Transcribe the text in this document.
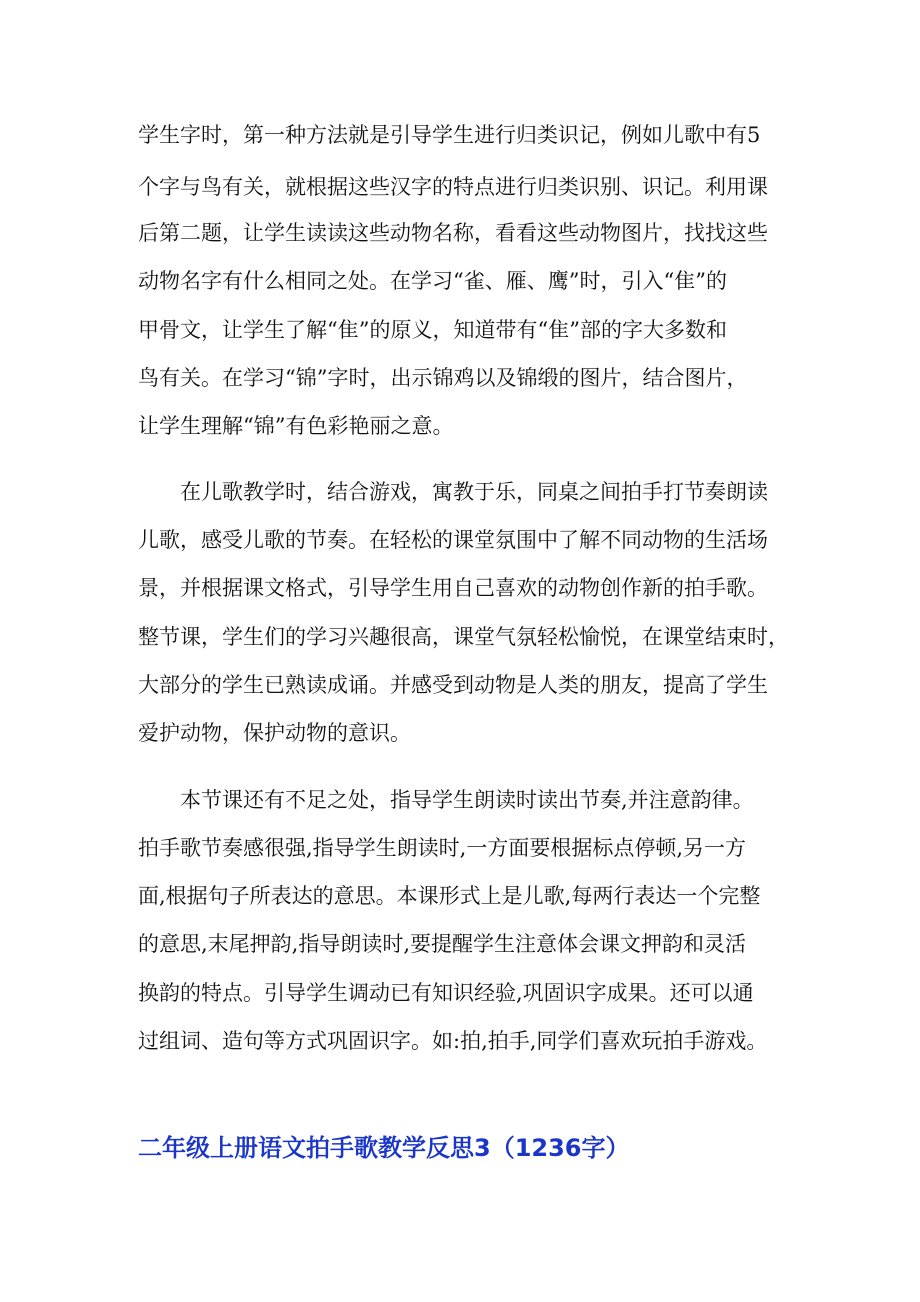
学生字时，第一种方法就是引导学生进行归类识记，例如儿歌中有5
个字与鸟有关，就根据这些汉字的特点进行归类识别、识记。利用课
后第二题，让学生读读这些动物名称，看看这些动物图片，找找这些
动物名字有什么相同之处。在学习“雀、雁、鹰”时，引入“隹”的
甲骨文，让学生了解“隹”的原义，知道带有“隹”部的字大多数和
鸟有关。在学习“锦”字时，出示锦鸡以及锦缎的图片，结合图片，
让学生理解“锦”有色彩艳丽之意。
在儿歌教学时，结合游戏，寓教于乐，同桌之间拍手打节奏朗读
儿歌，感受儿歌的节奏。在轻松的课堂氛围中了解不同动物的生活场
景，并根据课文格式，引导学生用自己喜欢的动物创作新的拍手歌。
整节课，学生们的学习兴趣很高，课堂气氛轻松愉悦，在课堂结束时，
大部分的学生已熟读成诵。并感受到动物是人类的朋友，提高了学生
爱护动物，保护动物的意识。
本节课还有不足之处，指导学生朗读时读出节奏,并注意韵律。
拍手歌节奏感很强,指导学生朗读时,一方面要根据标点停顿,另一方
面,根据句子所表达的意思。本课形式上是儿歌,每两行表达一个完整
的意思,末尾押韵,指导朗读时,要提醒学生注意体会课文押韵和灵活
换韵的特点。引导学生调动已有知识经验,巩固识字成果。还可以通
过组词、造句等方式巩固识字。如:拍,拍手,同学们喜欢玩拍手游戏。
二年级上册语文拍手歌教学反思3（1236字）
